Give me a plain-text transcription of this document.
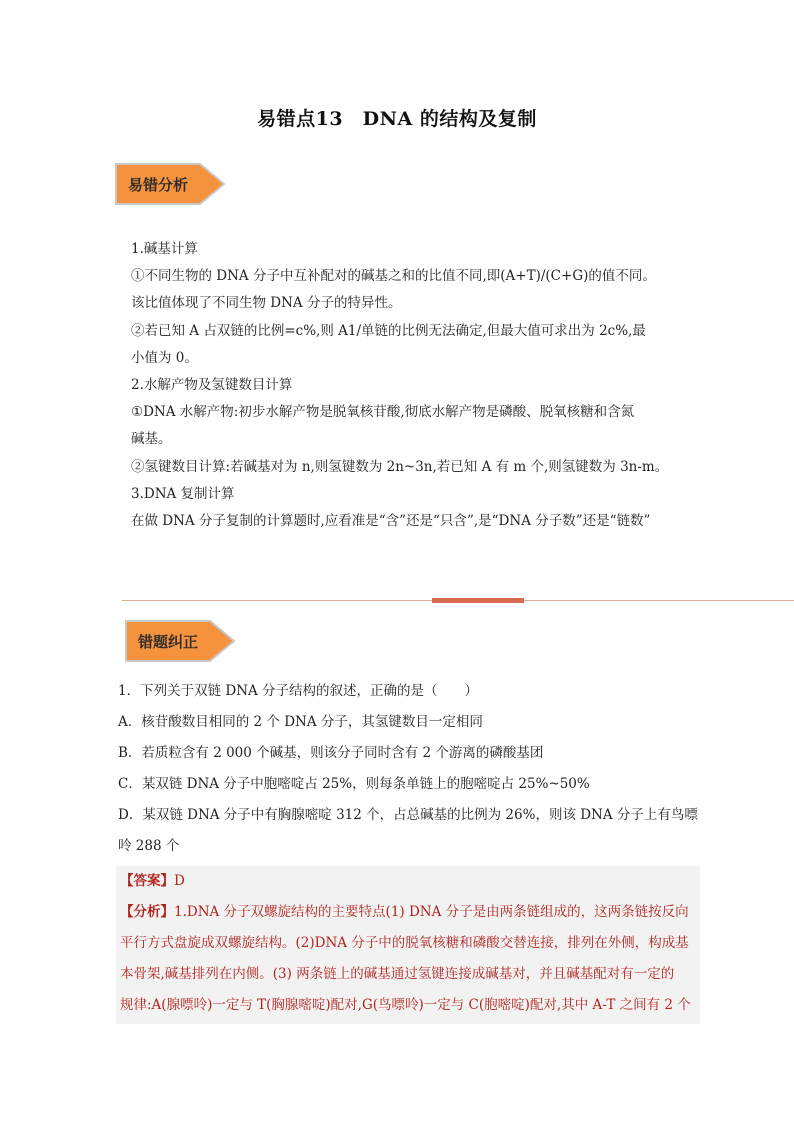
易错点13　DNA 的结构及复制
易错分析

1.碱基计算

①不同生物的 DNA 分子中互补配对的碱基之和的比值不同,即(A+T)/(C+G)的值不同。

该比值体现了不同生物 DNA 分子的特异性。

②若已知 A 占双链的比例=c%,则 A1/单链的比例无法确定,但最大值可求出为 2c%,最

小值为 0。

2.水解产物及氢键数目计算

①DNA 水解产物:初步水解产物是脱氧核苷酸,彻底水解产物是磷酸、脱氧核糖和含氮

碱基。

②氢键数目计算:若碱基对为 n,则氢键数为 2n~3n,若已知 A 有 m 个,则氢键数为 3n-m。

3.DNA 复制计算

在做 DNA 分子复制的计算题时,应看准是“含”还是“只含”,是“DNA 分子数”还是“链数”

错题纠正

1．下列关于双链 DNA 分子结构的叙述，正确的是（　　）

A．核苷酸数目相同的 2 个 DNA 分子，其氢键数目一定相同

B．若质粒含有 2 000 个碱基，则该分子同时含有 2 个游离的磷酸基团

C．某双链 DNA 分子中胞嘧啶占 25%，则每条单链上的胞嘧啶占 25%~50%

D．某双链 DNA 分子中有胸腺嘧啶 312 个，占总碱基的比例为 26%，则该 DNA 分子上有鸟嘌

呤 288 个

【答案】D

【分析】1.DNA 分子双螺旋结构的主要特点(1) DNA 分子是由两条链组成的，这两条链按反向

平行方式盘旋成双螺旋结构。(2)DNA 分子中的脱氧核糖和磷酸交替连接，排列在外侧，构成基

本骨架,碱基排列在内侧。(3) 两条链上的碱基通过氢键连接成碱基对，并且碱基配对有一定的

规律:A(腺嘌呤)一定与 T(胸腺嘧啶)配对,G(鸟嘌呤)一定与 C(胞嘧啶)配对,其中 A-T 之间有 2 个
